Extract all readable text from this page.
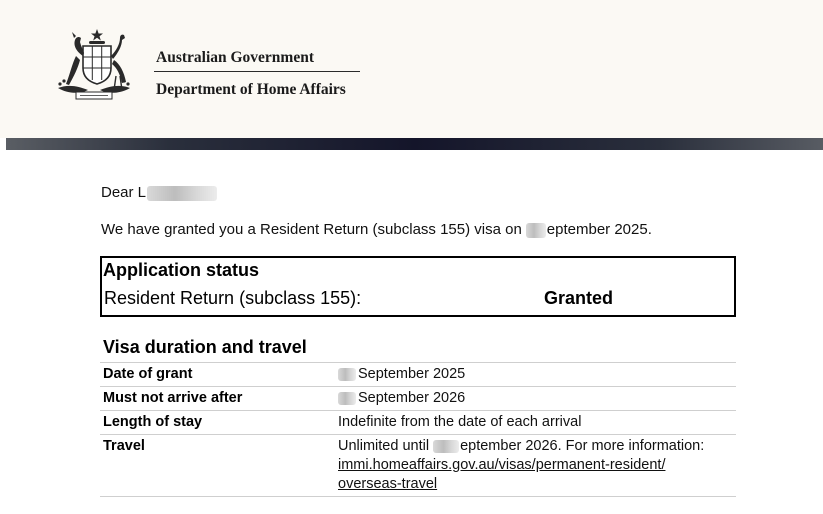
Australian Government
Department of Home Affairs
Dear L
We have granted you a Resident Return (subclass 155) visa on eptember 2025.
Application status
Resident Return (subclass 155):	Granted
Visa duration and travel
Date of grant	September 2025
Must not arrive after	September 2026
Length of stay	Indefinite from the date of each arrival
Travel	Unlimited until eptember 2026. For more information:
immi.homeaffairs.gov.au/visas/permanent-resident/
overseas-travel
